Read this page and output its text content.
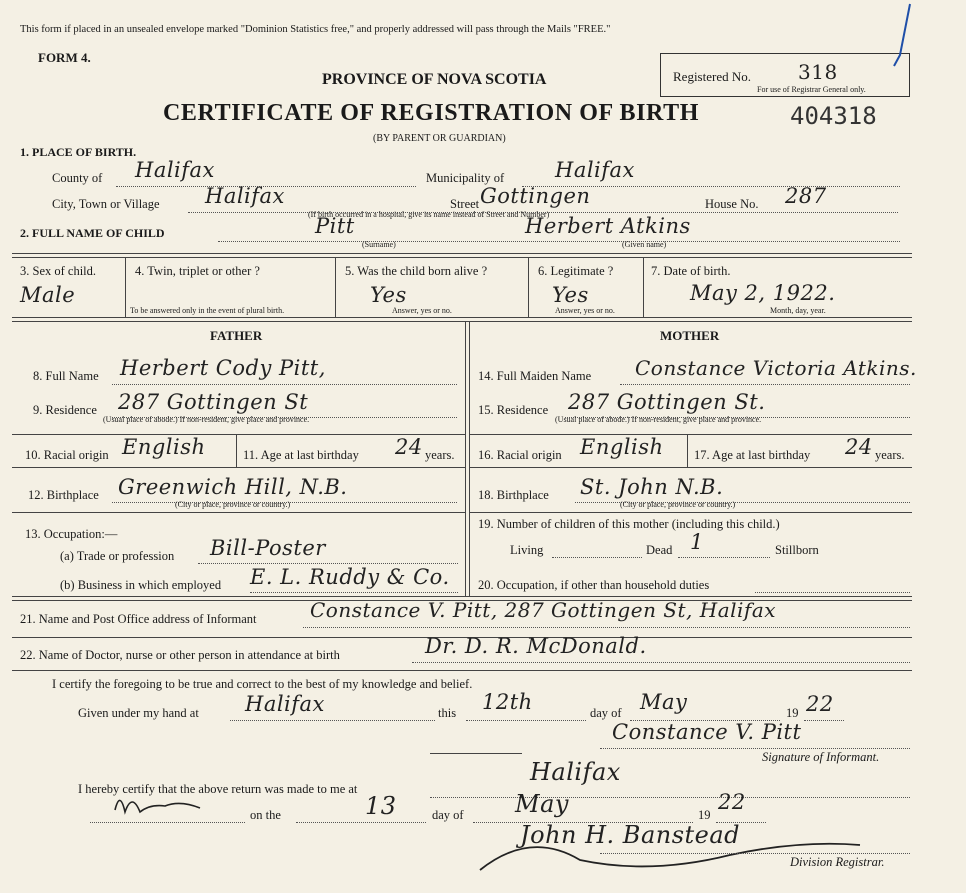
This form if placed in an unsealed envelope marked "Dominion Statistics free," and properly addressed will pass through the Mails "FREE."
FORM 4.
PROVINCE OF NOVA SCOTIA
CERTIFICATE OF REGISTRATION OF BIRTH
(BY PARENT OR GUARDIAN)
Registered No. 318
For use of Registrar General only.
404318
1. PLACE OF BIRTH.
County of Halifax	Municipality of Halifax
City, Town or Village Halifax	Street Gottingen	House No. 287
(If birth occurred in a hospital, give its name instead of Street and Number)
2. FULL NAME OF CHILD	Pitt	Herbert Atkins
(Surname)	(Given name)
3. Sex of child.
Male
4. Twin, triplet or other ?
To be answered only in the event of plural birth.
5. Was the child born alive ?
Yes
Answer, yes or no.
6. Legitimate ?
Yes
Answer, yes or no.
7. Date of birth.
May 2, 1922.
Month, day, year.
FATHER	MOTHER
8. Full Name Herbert Cody Pitt,
9. Residence 287 Gottingen St
(Usual place of abode.) If non-resident, give place and province.
10. Racial origin English	11. Age at last birthday 24 years.
12. Birthplace Greenwich Hill, N.B.
(City or place, province or country.)
13. Occupation:—
(a) Trade or profession Bill-Poster
(b) Business in which employed E. L. Ruddy & Co.
14. Full Maiden Name Constance Victoria Atkins.
15. Residence 287 Gottingen St.
(Usual place of abode.) If non-resident, give place and province.
16. Racial origin English 17. Age at last birthday 24 years.
18. Birthplace St. John N.B.
(City or place, province or country.)
19. Number of children of this mother (including this child.)
Living	Dead 1	Stillborn
20. Occupation, if other than household duties
21. Name and Post Office address of Informant	Constance V. Pitt, 287 Gottingen St, Halifax
22. Name of Doctor, nurse or other person in attendance at birth	Dr. D. R. McDonald.
I certify the foregoing to be true and correct to the best of my knowledge and belief.
Given under my hand at Halifax	this 12th	day of May	19 22
Constance V. Pitt
Signature of Informant.
I hereby certify that the above return was made to me at
Halifax
on the	13	day of May	19
22
John H. Banstead
Division Registrar.
